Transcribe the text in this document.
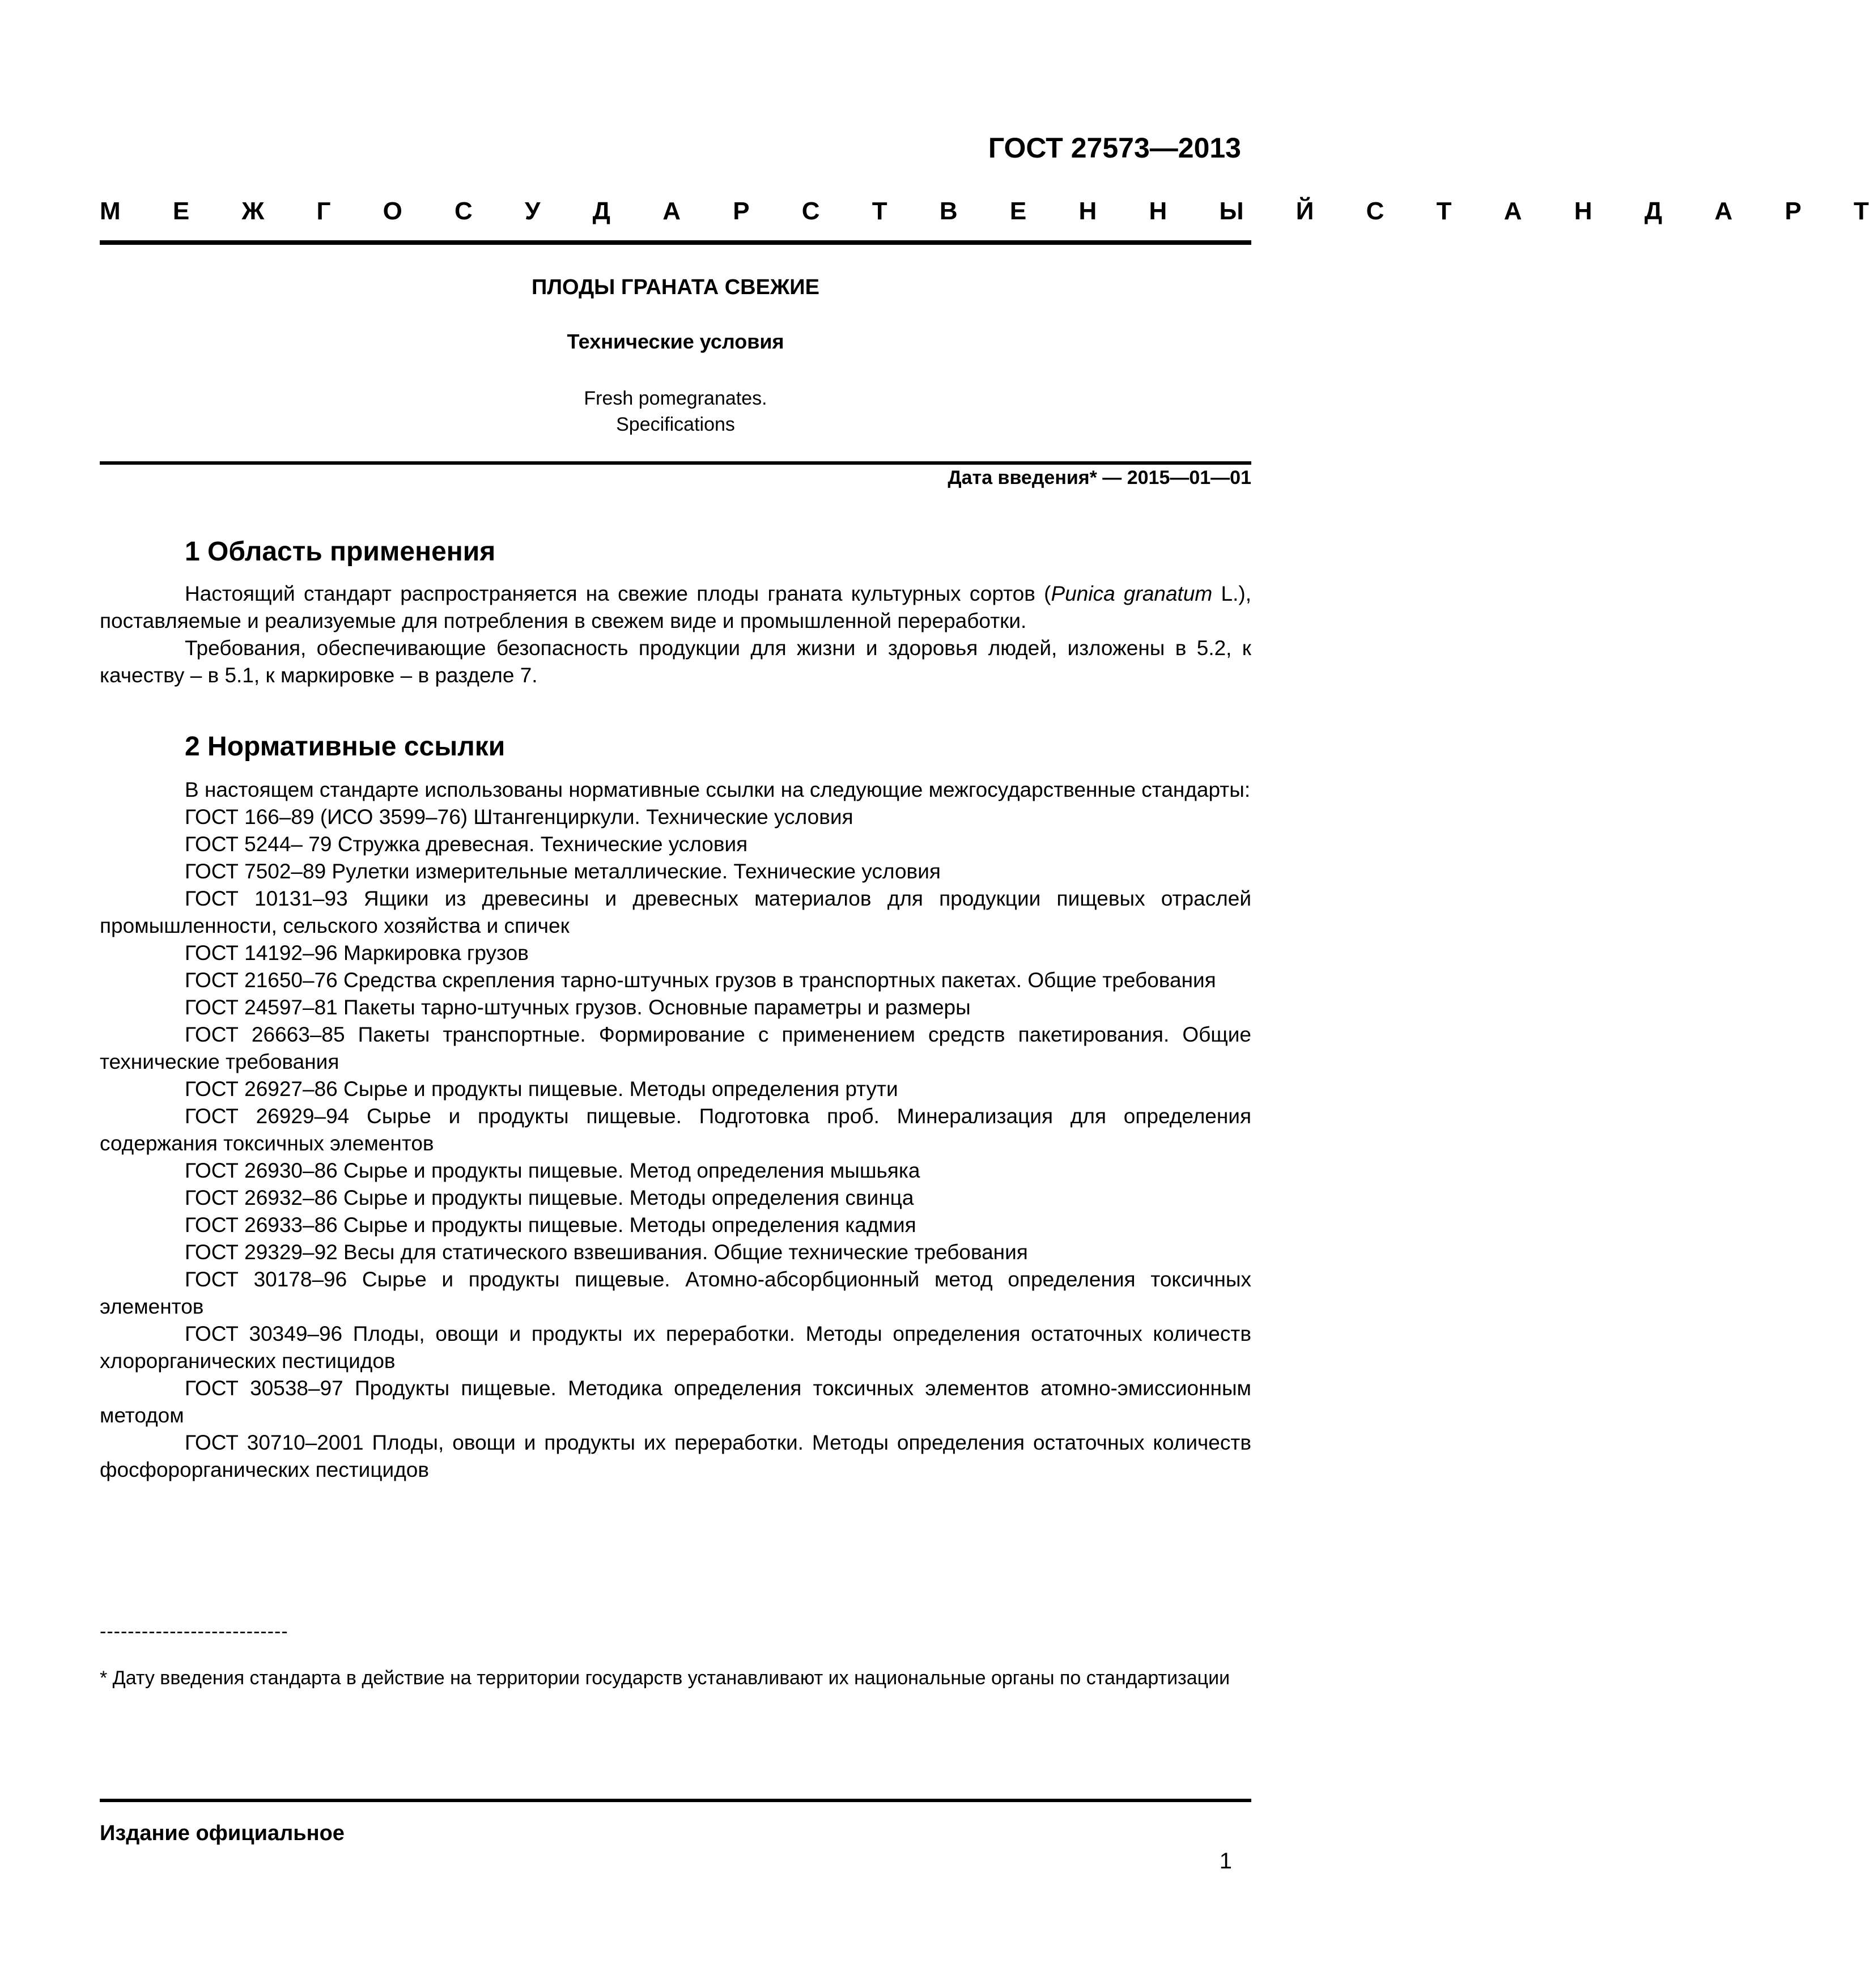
ГОСТ 27573—2013
М Е Ж Г О С У Д А Р С Т В Е Н Н Ы Й С Т А Н Д А Р Т
ПЛОДЫ ГРАНАТА СВЕЖИЕ
Технические условия
Fresh pomegranates.
Specifications
Дата введения* — 2015—01—01
1 Область применения

Настоящий стандарт распространяется на свежие плоды граната культурных сортов (Punica granatum L.), поставляемые и реализуемые для потребления в свежем виде и промышленной переработки.

Требования, обеспечивающие безопасность продукции для жизни и здоровья людей, изложены в 5.2, к качеству – в 5.1, к маркировке – в разделе 7.

2 Нормативные ссылки

В настоящем стандарте использованы нормативные ссылки на следующие межгосударственные стандарты:

ГОСТ 166–89 (ИСО 3599–76) Штангенциркули. Технические условия

ГОСТ 5244– 79 Стружка древесная. Технические условия

ГОСТ 7502–89 Рулетки измерительные металлические. Технические условия

ГОСТ 10131–93 Ящики из древесины и древесных материалов для продукции пищевых отраслей промышленности, сельского хозяйства и спичек

ГОСТ 14192–96 Маркировка грузов

ГОСТ 21650–76 Средства скрепления тарно-штучных грузов в транспортных пакетах. Общие требования

ГОСТ 24597–81 Пакеты тарно-штучных грузов. Основные параметры и размеры

ГОСТ 26663–85 Пакеты транспортные. Формирование с применением средств пакетирования. Общие технические требования

ГОСТ 26927–86 Сырье и продукты пищевые. Методы определения ртути

ГОСТ 26929–94 Сырье и продукты пищевые. Подготовка проб. Минерализация для определения содержания токсичных элементов

ГОСТ 26930–86 Сырье и продукты пищевые. Метод определения мышьяка

ГОСТ 26932–86 Сырье и продукты пищевые. Методы определения свинца

ГОСТ 26933–86 Сырье и продукты пищевые. Методы определения кадмия

ГОСТ 29329–92 Весы для статического взвешивания. Общие технические требования

ГОСТ 30178–96 Сырье и продукты пищевые. Атомно-абсорбционный метод определения токсичных элементов

ГОСТ 30349–96 Плоды, овощи и продукты их переработки. Методы определения остаточных количеств хлорорганических пестицидов

ГОСТ 30538–97 Продукты пищевые. Методика определения токсичных элементов атомно-эмиссионным методом

ГОСТ 30710–2001 Плоды, овощи и продукты их переработки. Методы определения остаточных количеств фосфорорганических пестицидов

---------------------------
* Дату введения стандарта в действие на территории государств устанавливают их национальные органы по стандартизации
Издание официальное
1
